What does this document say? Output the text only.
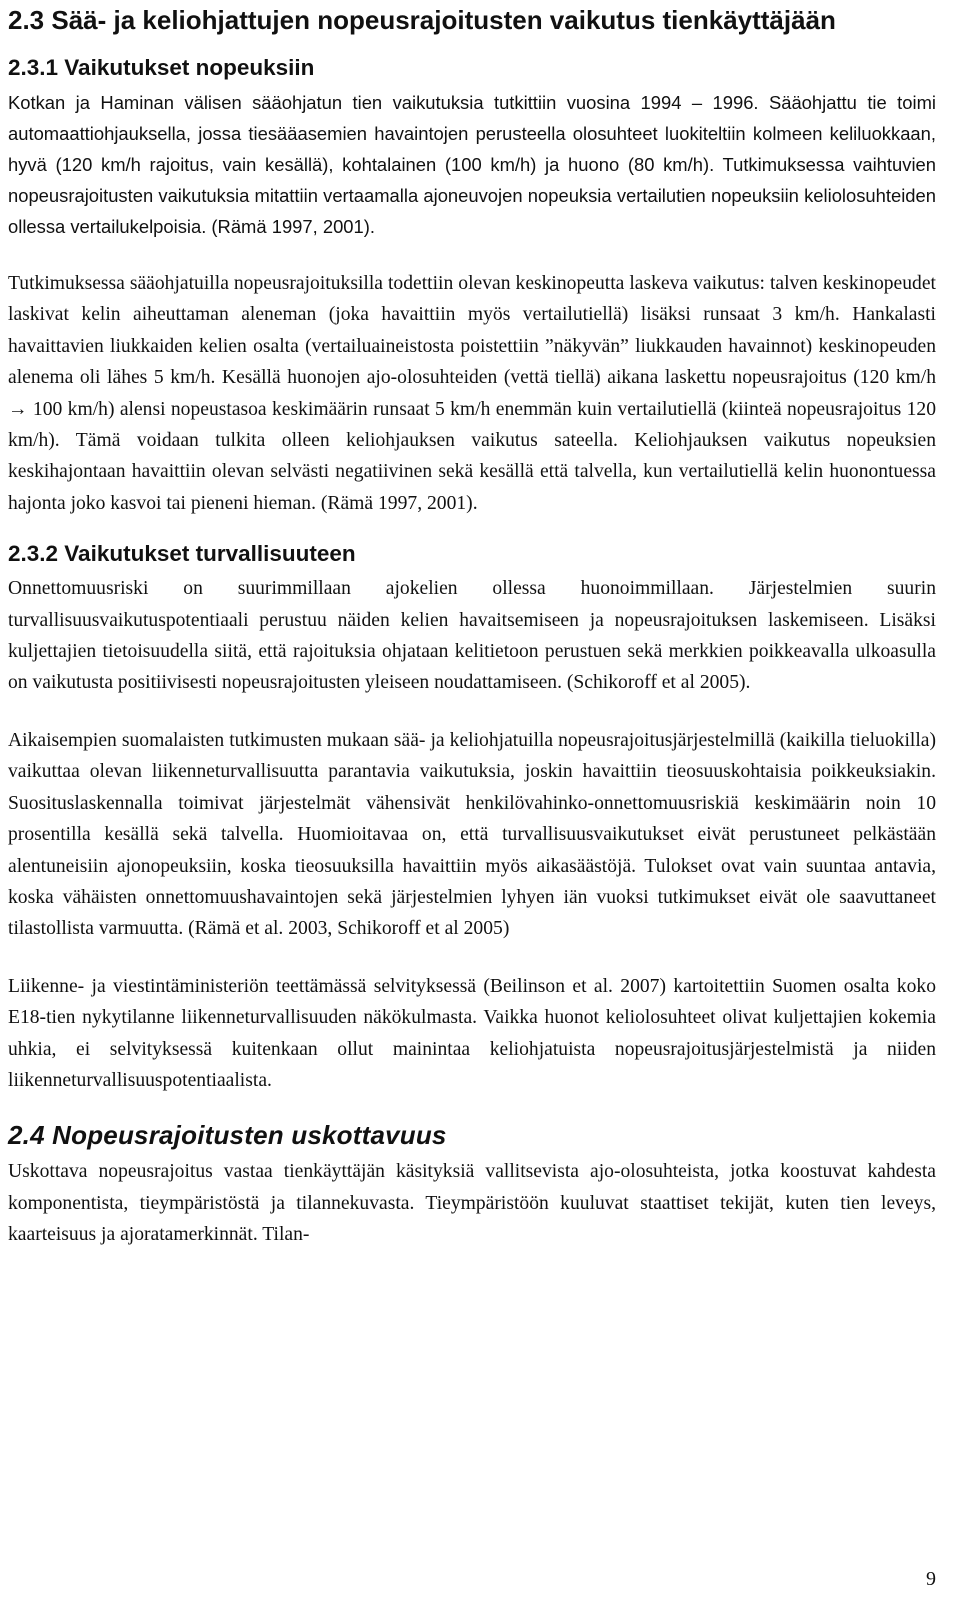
2.3 Sää- ja keliohjattujen nopeusrajoitusten vaikutus tienkäyttäjään
2.3.1 Vaikutukset nopeuksiin

Kotkan ja Haminan välisen sääohjatun tien vaikutuksia tutkittiin vuosina 1994 – 1996. Sääohjattu tie toimi automaattiohjauksella, jossa tiesääasemien havaintojen perusteella olosuhteet luokiteltiin kolmeen keliluokkaan, hyvä (120 km/h rajoitus, vain kesällä), kohtalainen (100 km/h) ja huono (80 km/h). Tutkimuksessa vaihtuvien nopeusrajoitusten vaikutuksia mitattiin vertaamalla ajoneuvojen nopeuksia vertailutien nopeuksiin keliolosuhteiden ollessa vertailukelpoisia. (Rämä 1997, 2001).

Tutkimuksessa sääohjatuilla nopeusrajoituksilla todettiin olevan keskinopeutta laskeva vaikutus: talven keskinopeudet laskivat kelin aiheuttaman aleneman (joka havaittiin myös vertailutiellä) lisäksi runsaat 3 km/h. Hankalasti havaittavien liukkaiden kelien osalta (vertailuaineistosta poistettiin ”näkyvän” liukkauden havainnot) keskinopeuden alenema oli lähes 5 km/h. Kesällä huonojen ajo-olosuhteiden (vettä tiellä) aikana laskettu nopeusrajoitus (120 km/h → 100 km/h) alensi nopeustasoa keskimäärin runsaat 5 km/h enemmän kuin vertailutiellä (kiinteä nopeusrajoitus 120 km/h). Tämä voidaan tulkita olleen keliohjauksen vaikutus sateella. Keliohjauksen vaikutus nopeuksien keskihajontaan havaittiin olevan selvästi negatiivinen sekä kesällä että talvella, kun vertailutiellä kelin huonontuessa hajonta joko kasvoi tai pieneni hieman. (Rämä 1997, 2001).

2.3.2 Vaikutukset turvallisuuteen

Onnettomuusriski on suurimmillaan ajokelien ollessa huonoimmillaan. Järjestelmien suurin turvallisuusvaikutuspotentiaali perustuu näiden kelien havaitsemiseen ja nopeusrajoituksen laskemiseen. Lisäksi kuljettajien tietoisuudella siitä, että rajoituksia ohjataan kelitietoon perustuen sekä merkkien poikkeavalla ulkoasulla on vaikutusta positiivisesti nopeusrajoitusten yleiseen noudattamiseen. (Schikoroff et al 2005).

Aikaisempien suomalaisten tutkimusten mukaan sää- ja keliohjatuilla nopeusrajoitusjärjestelmillä (kaikilla tieluokilla) vaikuttaa olevan liikenneturvallisuutta parantavia vaikutuksia, joskin havaittiin tieosuuskohtaisia poikkeuksiakin. Suosituslaskennalla toimivat järjestelmät vähensivät henkilövahinko-onnettomuusriskiä keskimäärin noin 10 prosentilla kesällä sekä talvella. Huomioitavaa on, että turvallisuusvaikutukset eivät perustuneet pelkästään alentuneisiin ajonopeuksiin, koska tieosuuksilla havaittiin myös aikasäästöjä. Tulokset ovat vain suuntaa antavia, koska vähäisten onnettomuushavaintojen sekä järjestelmien lyhyen iän vuoksi tutkimukset eivät ole saavuttaneet tilastollista varmuutta. (Rämä et al. 2003, Schikoroff et al 2005)

Liikenne- ja viestintäministeriön teettämässä selvityksessä (Beilinson et al. 2007) kartoitettiin Suomen osalta koko E18-tien nykytilanne liikenneturvallisuuden näkökulmasta. Vaikka huonot keliolosuhteet olivat kuljettajien kokemia uhkia, ei selvityksessä kuitenkaan ollut mainintaa keliohjatuista nopeusrajoitusjärjestelmistä ja niiden liikenneturvallisuuspotentiaalista.

2.4 Nopeusrajoitusten uskottavuus

Uskottava nopeusrajoitus vastaa tienkäyttäjän käsityksiä vallitsevista ajo-olosuhteista, jotka koostuvat kahdesta komponentista, tieympäristöstä ja tilannekuvasta. Tieympäristöön kuuluvat staattiset tekijät, kuten tien leveys, kaarteisuus ja ajoratamerkinnät. Tilan-

9
